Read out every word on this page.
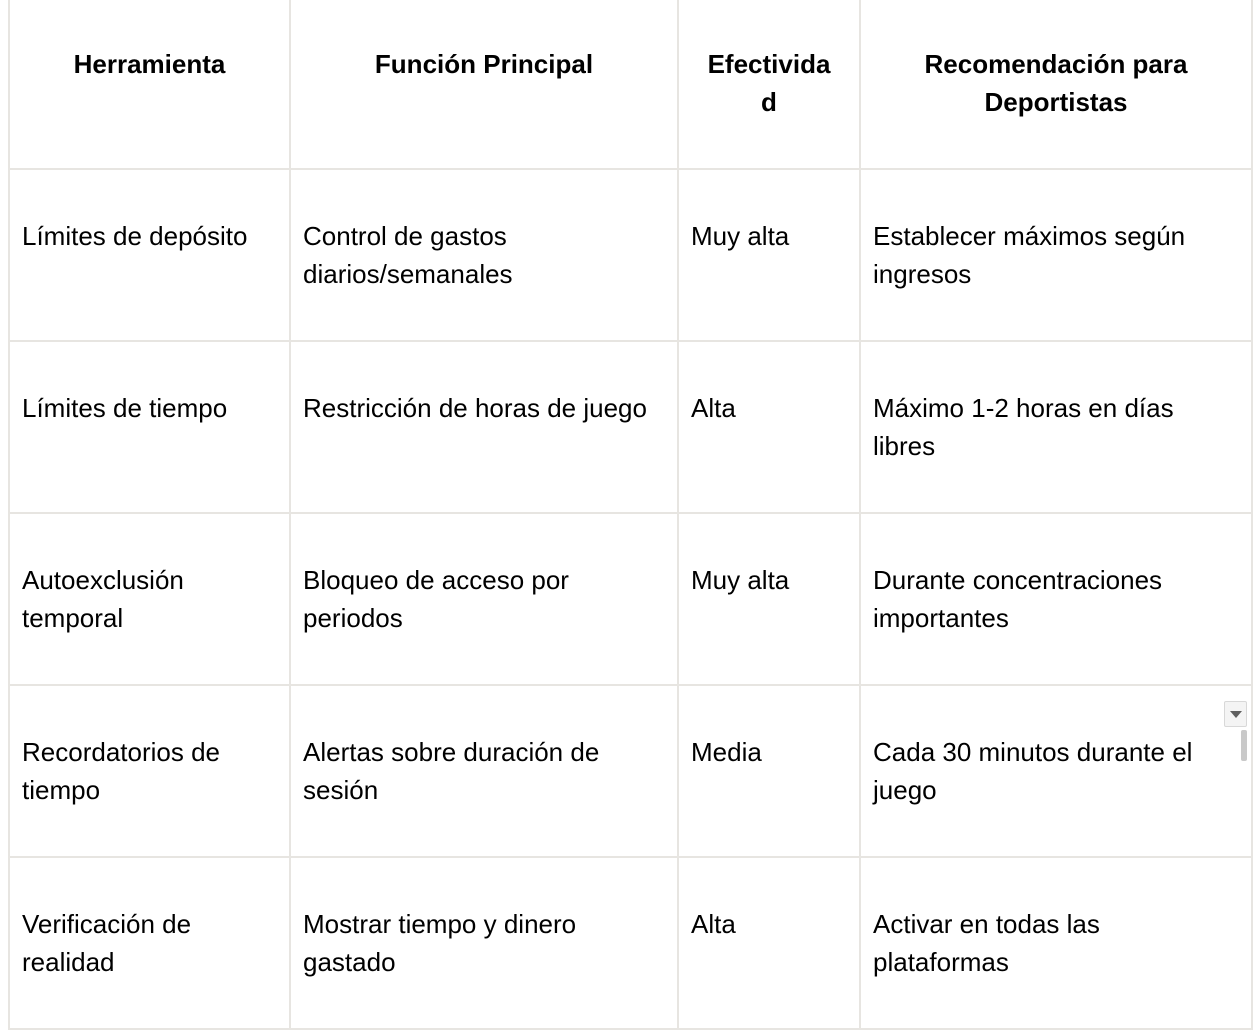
Herramienta	Función Principal	Efectividad	Recomendación para Deportistas
Límites de depósito	Control de gastos diarios/semanales	Muy alta	Establecer máximos según ingresos
Límites de tiempo	Restricción de horas de juego	Alta	Máximo 1-2 horas en días libres
Autoexclusión temporal	Bloqueo de acceso por periodos	Muy alta	Durante concentraciones importantes
Recordatorios de tiempo	Alertas sobre duración de sesión	Media	Cada 30 minutos durante el juego
Verificación de realidad	Mostrar tiempo y dinero gastado	Alta	Activar en todas las plataformas
